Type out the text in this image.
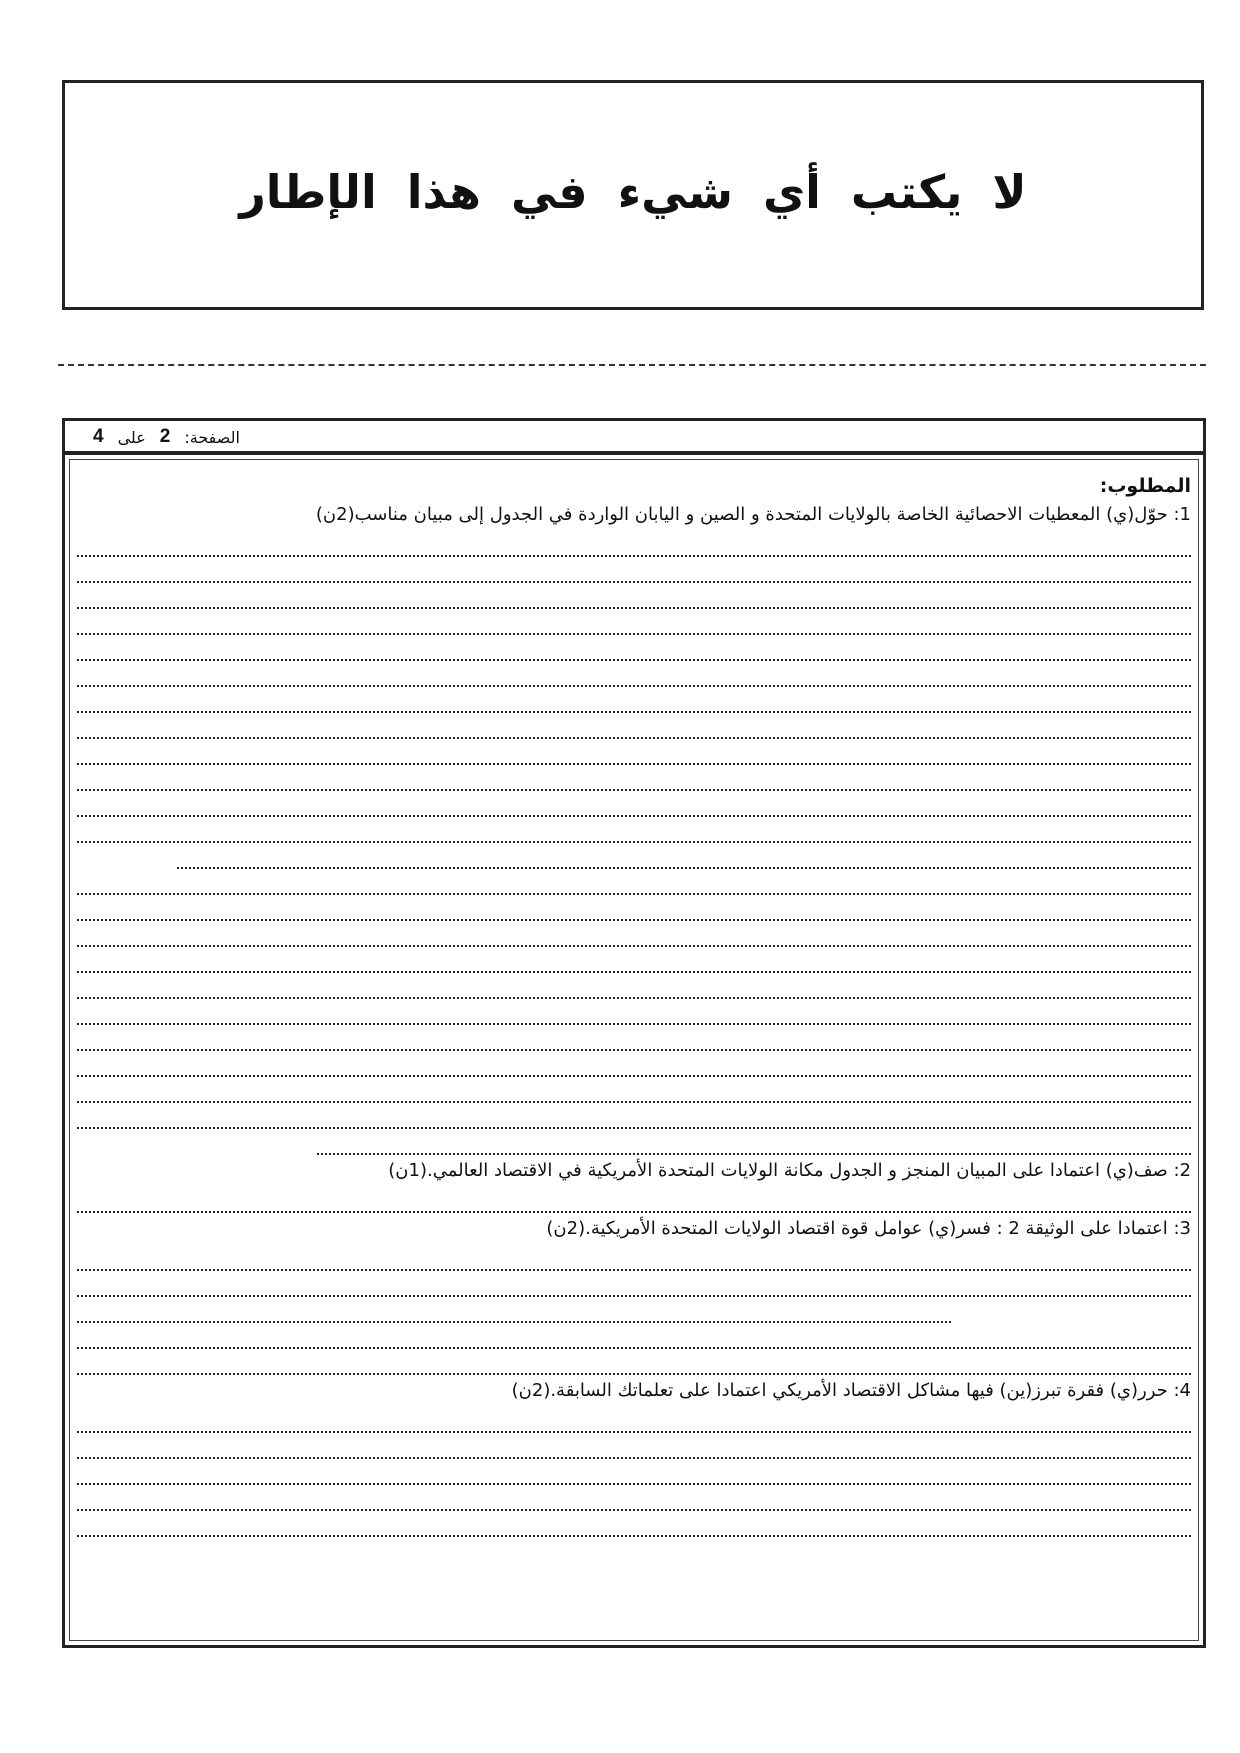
لا يكتب أي شيء في هذا الإطار
الصفحة:
2
على
4
المطلوب:
1: حوّل(ي) المعطيات الاحصائية الخاصة بالولايات المتحدة و الصين و اليابان الواردة في الجدول إلى مبيان مناسب(2ن)
2: صف(ي) اعتمادا على المبيان المنجز و الجدول مكانة الولايات المتحدة الأمريكية في الاقتصاد العالمي.(1ن)
3: اعتمادا على الوثيقة 2 : فسر(ي) عوامل قوة اقتصاد الولايات المتحدة الأمريكية.(2ن)
4: حرر(ي) فقرة تبرز(ين) فيها مشاكل الاقتصاد الأمريكي اعتمادا على تعلماتك السابقة.(2ن)
